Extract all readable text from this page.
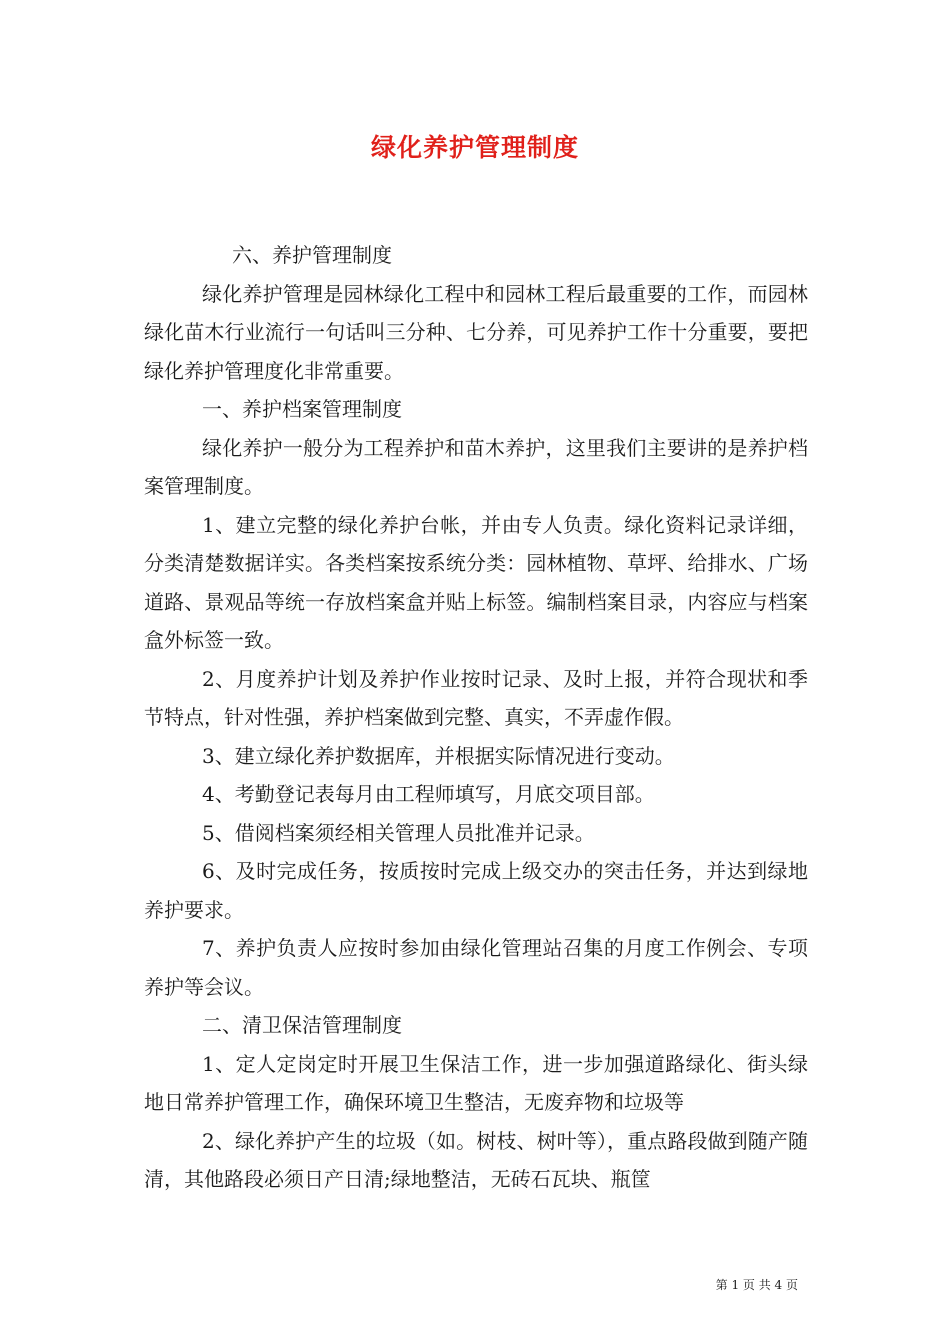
绿化养护管理制度

六、养护管理制度

绿化养护管理是园林绿化工程中和园林工程后最重要的工作，而园林绿化苗木行业流行一句话叫三分种、七分养，可见养护工作十分重要，要把绿化养护管理度化非常重要。

一、养护档案管理制度

绿化养护一般分为工程养护和苗木养护，这里我们主要讲的是养护档案管理制度。

1、建立完整的绿化养护台帐，并由专人负责。绿化资料记录详细，分类清楚数据详实。各类档案按系统分类：园林植物、草坪、给排水、广场道路、景观品等统一存放档案盒并贴上标签。编制档案目录，内容应与档案盒外标签一致。

2、月度养护计划及养护作业按时记录、及时上报，并符合现状和季节特点，针对性强，养护档案做到完整、真实，不弄虚作假。

3、建立绿化养护数据库，并根据实际情况进行变动。

4、考勤登记表每月由工程师填写，月底交项目部。

5、借阅档案须经相关管理人员批准并记录。

6、及时完成任务，按质按时完成上级交办的突击任务，并达到绿地养护要求。

7、养护负责人应按时参加由绿化管理站召集的月度工作例会、专项养护等会议。

二、清卫保洁管理制度

1、定人定岗定时开展卫生保洁工作，进一步加强道路绿化、街头绿地日常养护管理工作，确保环境卫生整洁，无废弃物和垃圾等

2、绿化养护产生的垃圾（如。树枝、树叶等），重点路段做到随产随清，其他路段必须日产日清;绿地整洁，无砖石瓦块、瓶筐

第 1 页 共 4 页
